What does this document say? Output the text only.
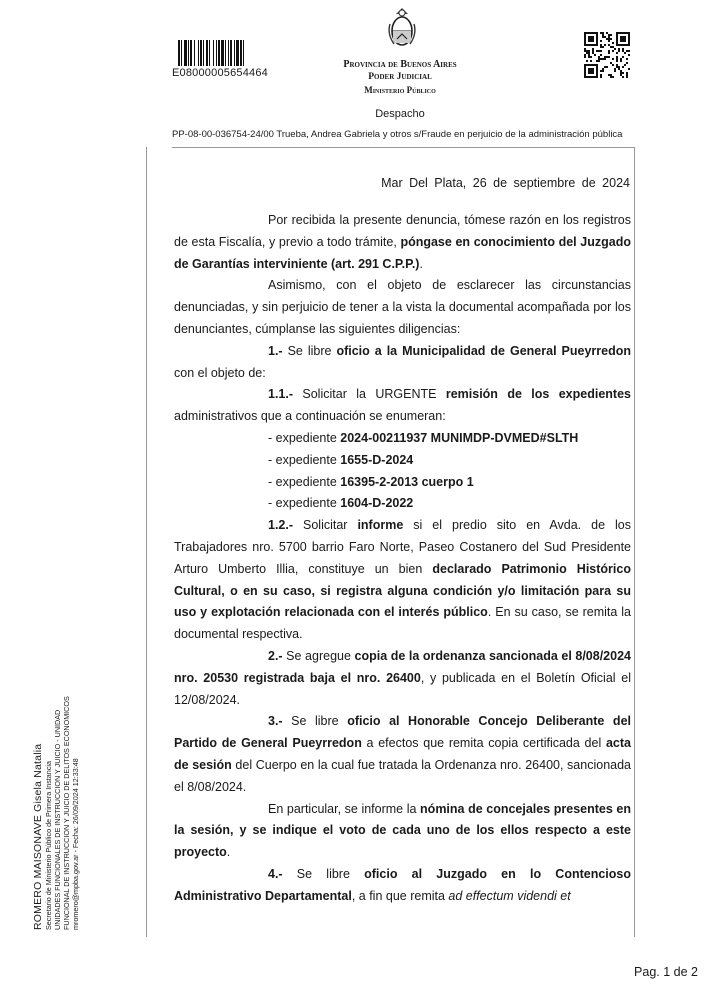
E08000005654464
Provincia de Buenos Aires
Poder Judicial
Ministerio Público
Despacho
PP-08-00-036754-24/00 Trueba, Andrea Gabriela y otros s/Fraude en perjuicio de la administración pública
Mar Del Plata, 26 de septiembre de 2024

Por recibida la presente denuncia, tómese razón en los registros de esta Fiscalía, y previo a todo trámite, póngase en conocimiento del Juzgado de Garantías interviniente (art. 291 C.P.P.).

Asimismo, con el objeto de esclarecer las circunstancias denunciadas, y sin perjuicio de tener a la vista la documental acompañada por los denunciantes, cúmplanse las siguientes diligencias:

1.- Se libre oficio a la Municipalidad de General Pueyrredon con el objeto de:

1.1.- Solicitar la URGENTE remisión de los expedientes administrativos que a continuación se enumeran:

- expediente 2024-00211937 MUNIMDP-DVMED#SLTH

- expediente 1655-D-2024

- expediente 16395-2-2013 cuerpo 1

- expediente 1604-D-2022

1.2.- Solicitar informe si el predio sito en Avda. de los Trabajadores nro. 5700 barrio Faro Norte, Paseo Costanero del Sud Presidente Arturo Umberto Illia, constituye un bien declarado Patrimonio Histórico Cultural, o en su caso, si registra alguna condición y/o limitación para su uso y explotación relacionada con el interés público. En su caso, se remita la documental respectiva.

2.- Se agregue copia de la ordenanza sancionada el 8/08/2024 nro. 20530 registrada baja el nro. 26400, y publicada en el Boletín Oficial el 12/08/2024.

3.- Se libre oficio al Honorable Concejo Deliberante del Partido de General Pueyrredon a efectos que remita copia certificada del acta de sesión del Cuerpo en la cual fue tratada la Ordenanza nro. 26400, sancionada el 8/08/2024.

En particular, se informe la nómina de concejales presentes en la sesión, y se indique el voto de cada uno de los ellos respecto a este proyecto.

4.- Se libre oficio al Juzgado en lo Contencioso Administrativo Departamental, a fin que remita ad effectum videndi et

ROMERO MAISONAVE Gisela Natalia Secretario de Ministerio Público de Primera Instancia UNIDADES FUNCIONALES DE INSTRUCCION Y JUICIO - UNIDAD FUNCIONAL DE INSTRUCCION Y JUICIO DE DELITOS ECONOMICOS mromero@mpba.gov.ar - Fecha: 26/09/2024 12:33:48
Pag. 1 de 2
